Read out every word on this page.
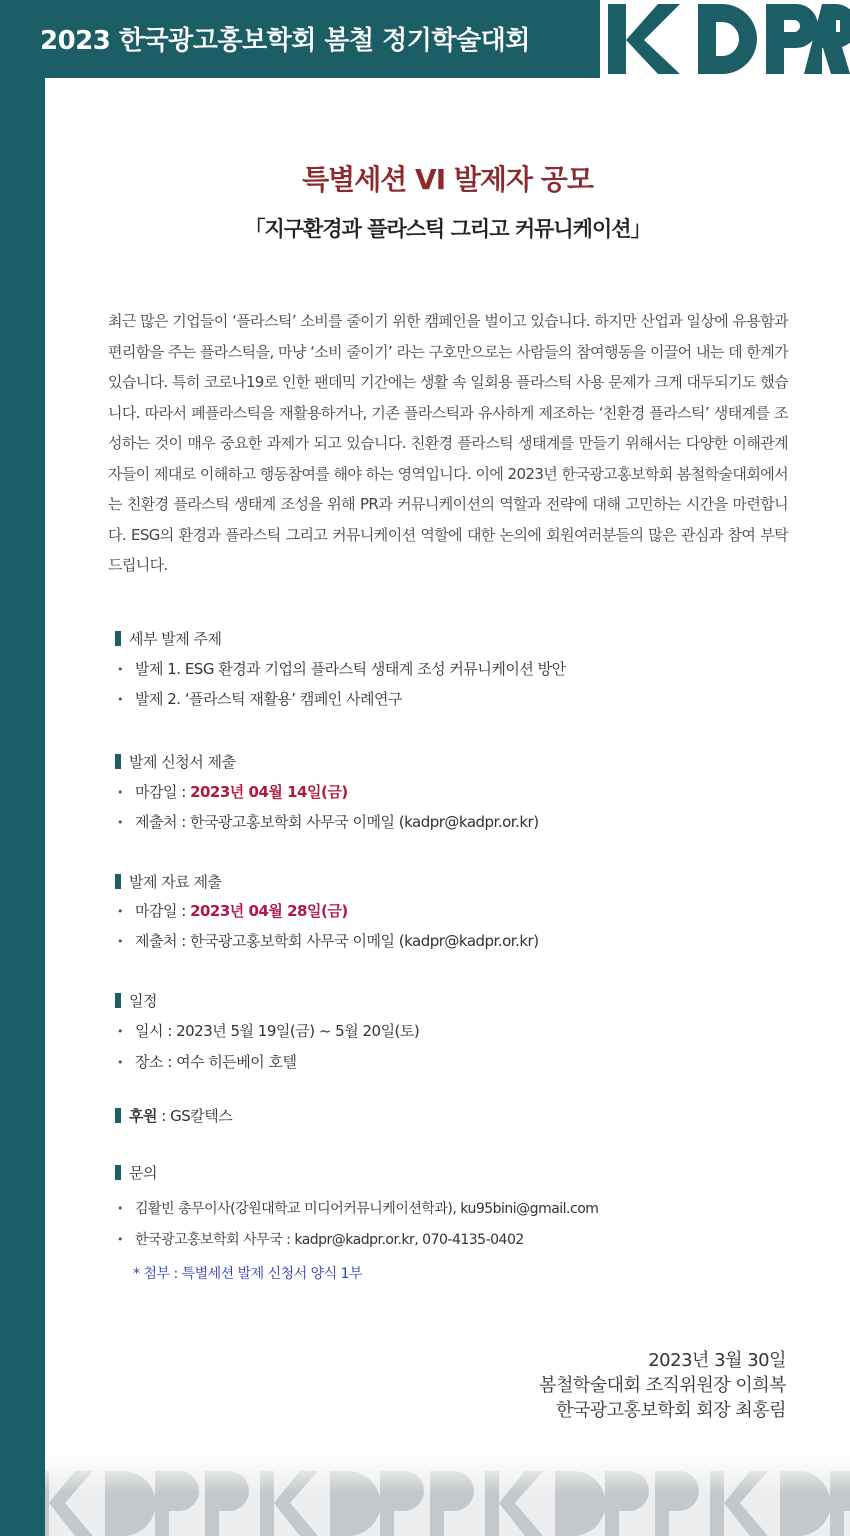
2023 한국광고홍보학회 봄철 정기학술대회
특별세션 VI 발제자 공모
「지구환경과 플라스틱 그리고 커뮤니케이션」

최근 많은 기업들이 ‘플라스틱’ 소비를 줄이기 위한 캠페인을 벌이고 있습니다. 하지만 산업과 일상에 유용함과 편리함을 주는 플라스틱을, 마냥 ‘소비 줄이기’ 라는 구호만으로는 사람들의 참여행동을 이끌어 내는 데 한계가 있습니다. 특히 코로나19로 인한 팬데믹 기간에는 생활 속 일회용 플라스틱 사용 문제가 크게 대두되기도 했습니다. 따라서 폐플라스틱을 재활용하거나, 기존 플라스틱과 유사하게 제조하는 ‘친환경 플라스틱’ 생태계를 조성하는 것이 매우 중요한 과제가 되고 있습니다. 친환경 플라스틱 생태계를 만들기 위해서는 다양한 이해관계자들이 제대로 이해하고 행동참여를 해야 하는 영역입니다. 이에 2023년 한국광고홍보학회 봄철학술대회에서는 친환경 플라스틱 생태계 조성을 위해 PR과 커뮤니케이션의 역할과 전략에 대해 고민하는 시간을 마련합니다. ESG의 환경과 플라스틱 그리고 커뮤니케이션 역할에 대한 논의에 회원여러분들의 많은 관심과 참여 부탁드립니다.

세부 발제 주제
• 발제 1. ESG 환경과 기업의 플라스틱 생태계 조성 커뮤니케이션 방안
• 발제 2. ‘플라스틱 재활용’ 캠페인 사례연구
발제 신청서 제출
• 마감일 : 2023년 04월 14일(금)
• 제출처 : 한국광고홍보학회 사무국 이메일 (kadpr@kadpr.or.kr)
발제 자료 제출
• 마감일 : 2023년 04월 28일(금)
• 제출처 : 한국광고홍보학회 사무국 이메일 (kadpr@kadpr.or.kr)
일정
• 일시 : 2023년 5월 19일(금) ~ 5월 20일(토)
• 장소 : 여수 히든베이 호텔
후원 : GS칼텍스
문의
• 김활빈 총무이사(강원대학교 미디어커뮤니케이션학과), ku95bini@gmail.com
• 한국광고홍보학회 사무국 : kadpr@kadpr.or.kr, 070-4135-0402
* 첨부 : 특별세션 발제 신청서 양식 1부
2023년 3월 30일
봄철학술대회 조직위원장 이희복
한국광고홍보학회 회장 최홍림
